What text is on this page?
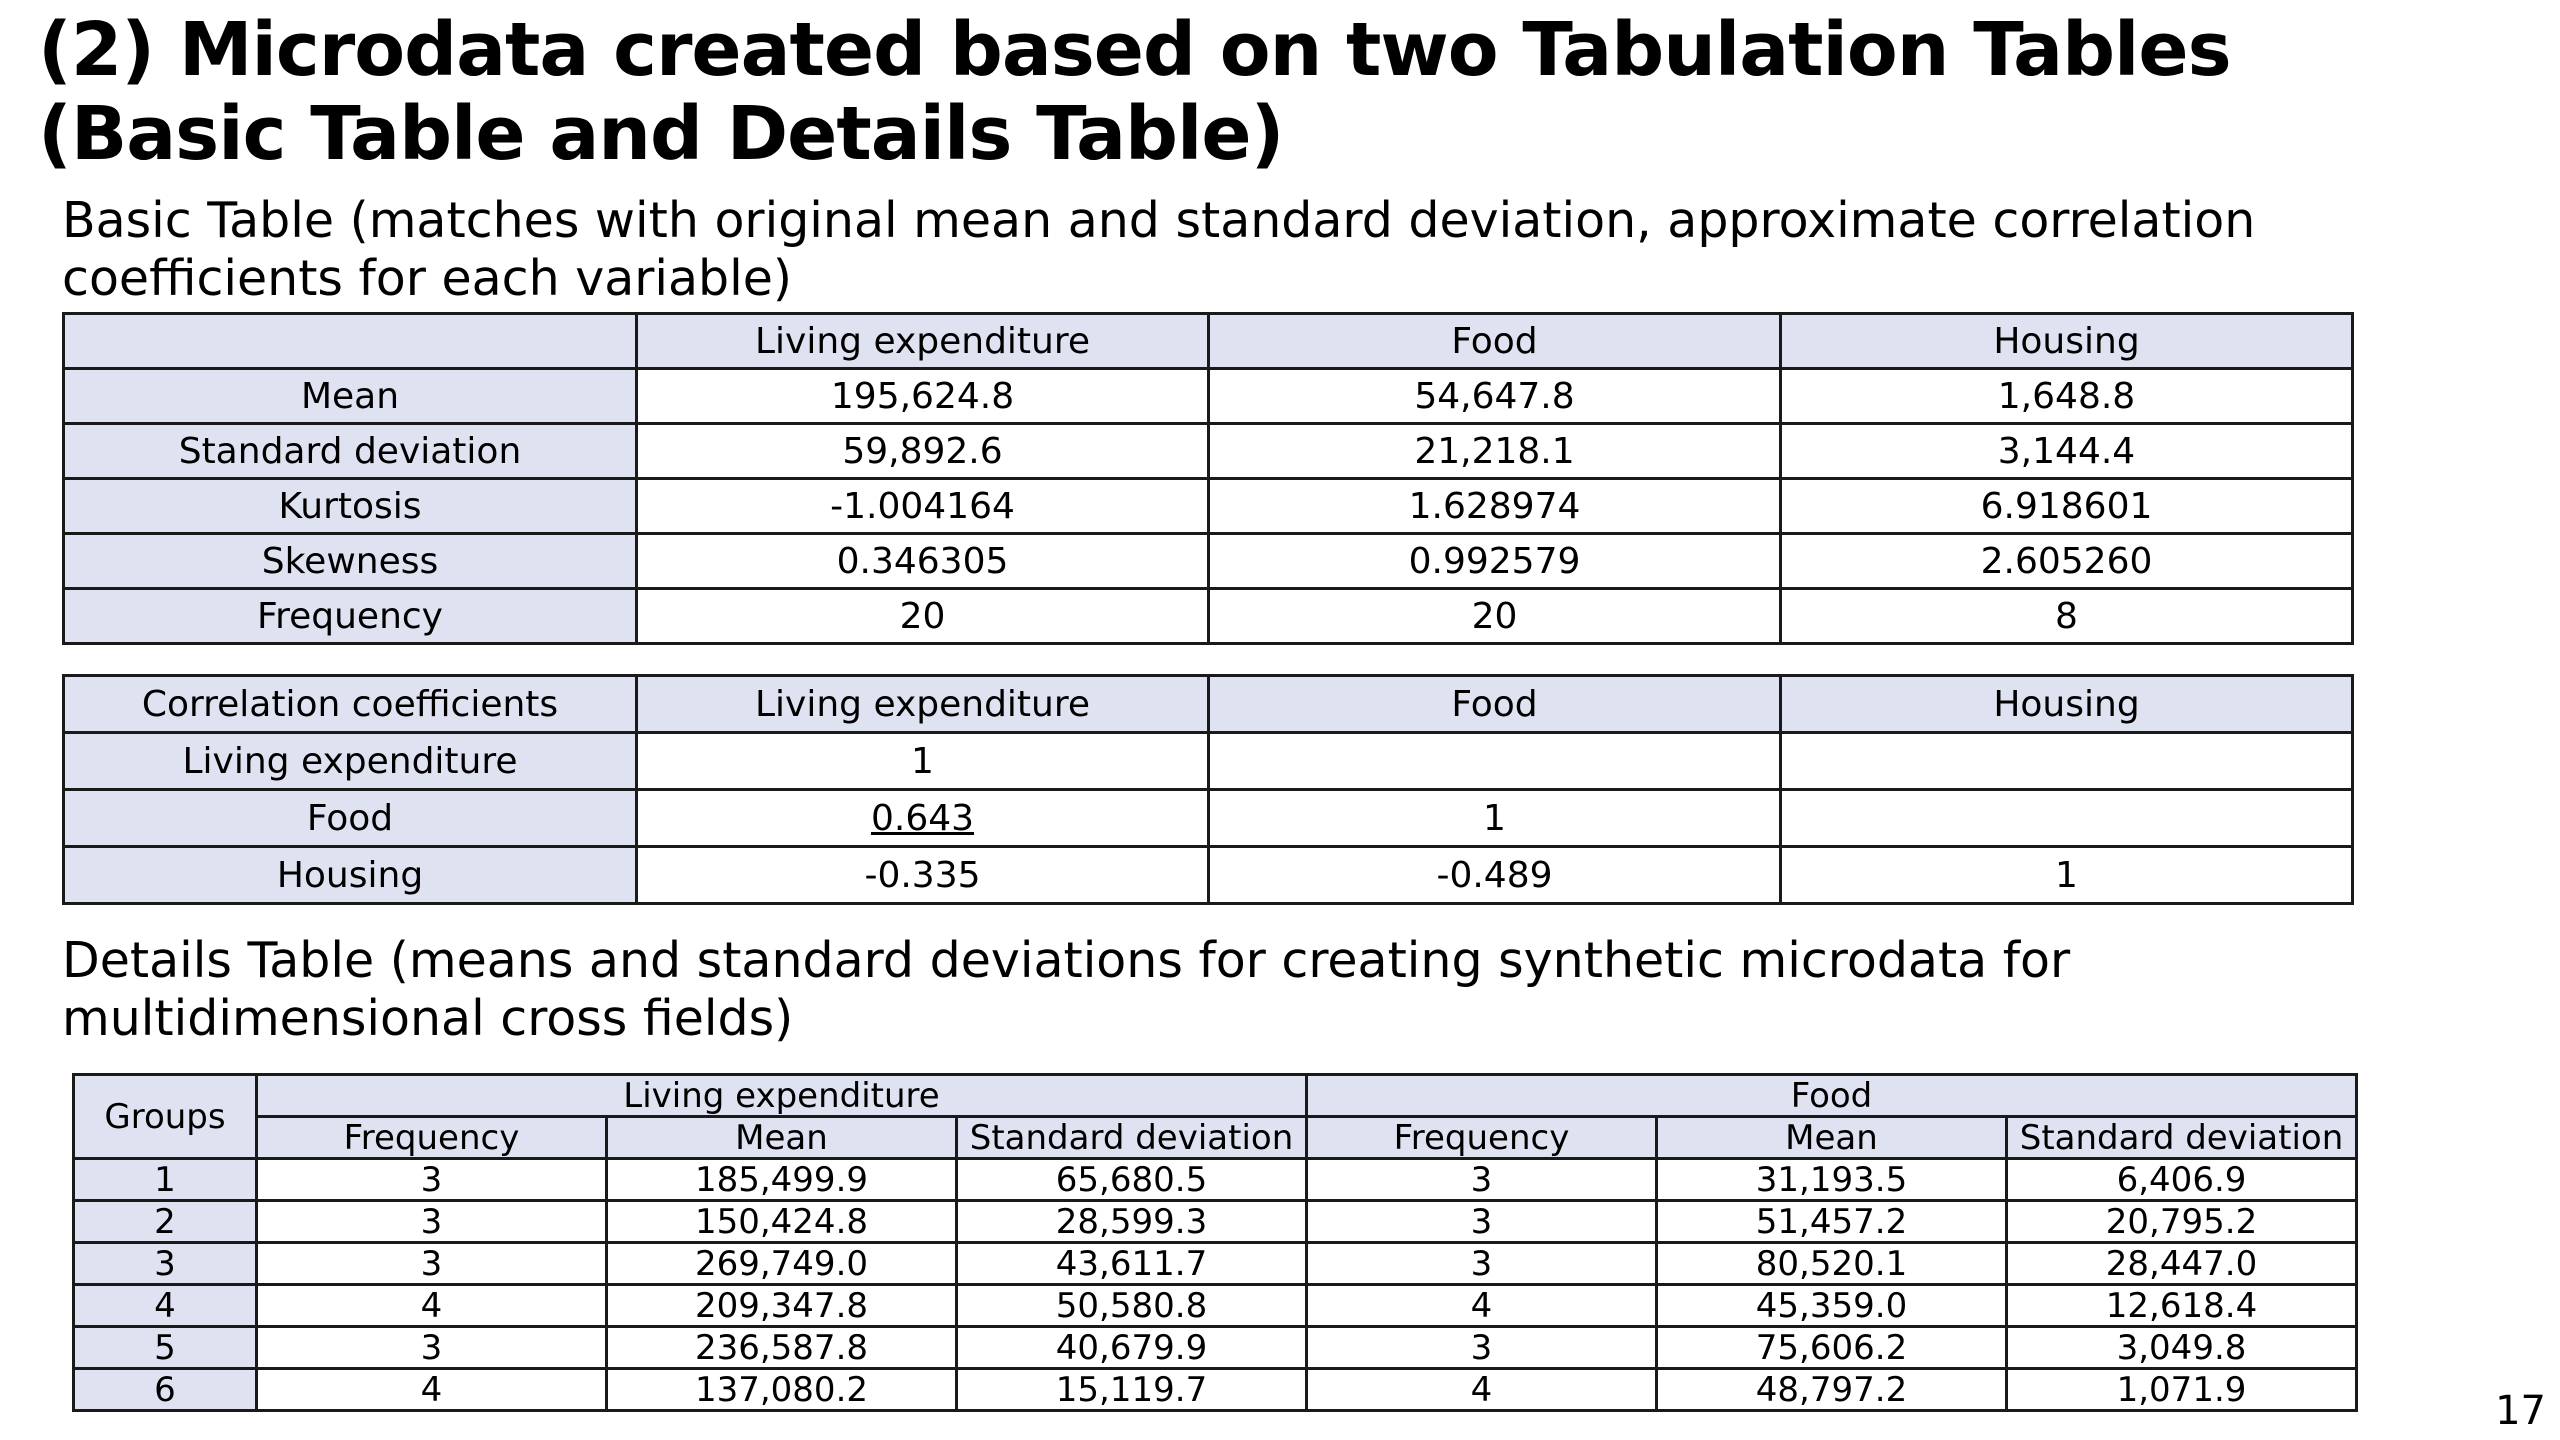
(2) Microdata created based on two Tabulation Tables (Basic Table and Details Table)

Basic Table (matches with original mean and standard deviation, approximate correlation coefficients for each variable)

	Living expenditure	Food	Housing
Mean	195,624.8	54,647.8	1,648.8
Standard deviation	59,892.6	21,218.1	3,144.4
Kurtosis	-1.004164	1.628974	6.918601
Skewness	0.346305	0.992579	2.605260
Frequency	20	20	8
Correlation coefficients	Living expenditure	Food	Housing
Living expenditure	1		
Food	0.643	1	
Housing	-0.335	-0.489	1

Details Table (means and standard deviations for creating synthetic microdata for multidimensional cross fields)

Groups	Living expenditure			Food		
	Frequency	Mean	Standard deviation	Frequency	Mean	Standard deviation
1	3	185,499.9	65,680.5	3	31,193.5	6,406.9
2	3	150,424.8	28,599.3	3	51,457.2	20,795.2
3	3	269,749.0	43,611.7	3	80,520.1	28,447.0
4	4	209,347.8	50,580.8	4	45,359.0	12,618.4
5	3	236,587.8	40,679.9	3	75,606.2	3,049.8
6	4	137,080.2	15,119.7	4	48,797.2	1,071.9	17
